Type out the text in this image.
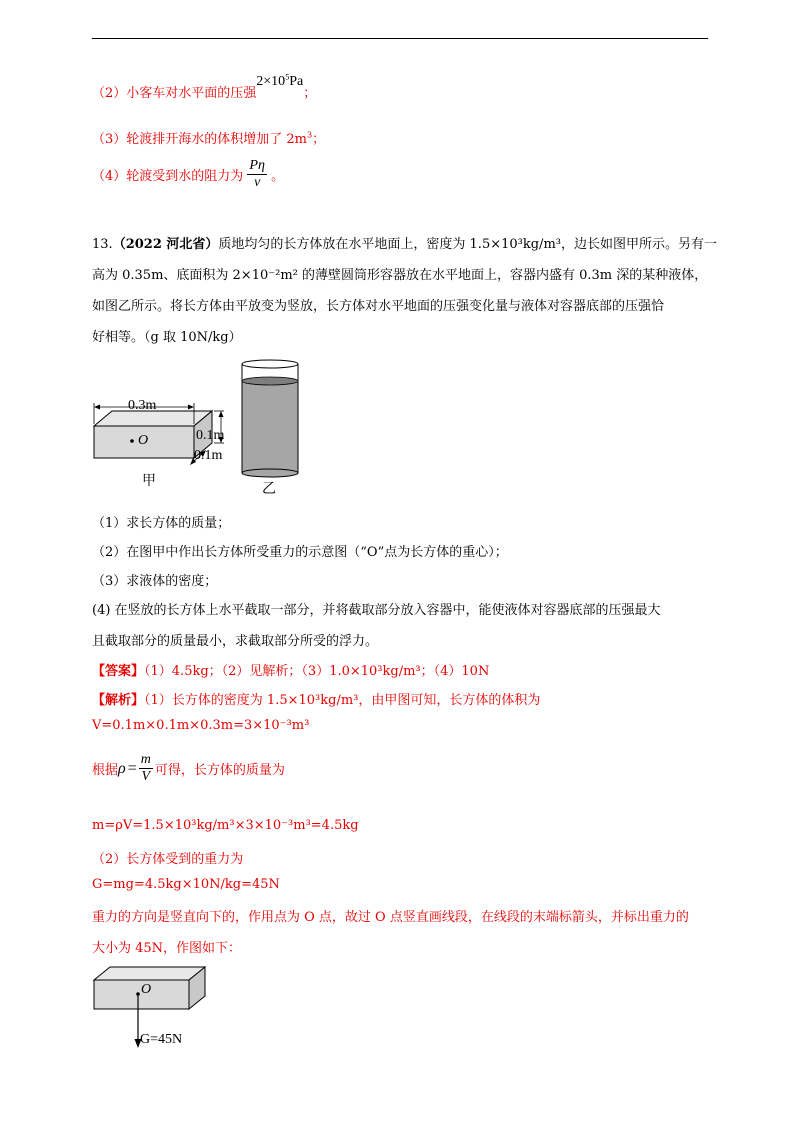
（2）小客车对水平面的压强$2\times 10^5Pa$；
（3）轮渡排开海水的体积增加了 $2m^3$；
（4）轮渡受到水的阻力为 $\frac{P\eta}{v}$ 。
13.（2022 河北省）质地均匀的长方体放在水平地面上，密度为 1.5×10³kg/m³，边长如图甲所示。另有一
高为 0.35m、底面积为 2×10⁻²m² 的薄壁圆筒形容器放在水平地面上，容器内盛有 0.3m 深的某种液体，
如图乙所示。将长方体由平放变为竖放，长方体对水平地面的压强变化量与液体对容器底部的压强恰
好相等。（g 取 10N/kg）
0.3m
0.1m
0.1m
O
甲	乙
（1）求长方体的质量；
（2）在图甲中作出长方体所受重力的示意图（“O”点为长方体的重心）；
（3）求液体的密度；
(4) 在竖放的长方体上水平截取一部分，并将截取部分放入容器中，能使液体对容器底部的压强最大
且截取部分的质量最小，求截取部分所受的浮力。
【答案】（1）4.5kg；（2）见解析；（3）1.0×10³kg/m³；（4）10N
【解析】（1）长方体的密度为 1.5×10³kg/m³，由甲图可知，长方体的体积为
V=0.1m×0.1m×0.3m=3×10⁻³m³
根据$\rho = \frac{m}{V}$ 可得，长方体的质量为
m=ρV=1.5×10³kg/m³×3×10⁻³m³=4.5kg
（2）长方体受到的重力为
G=mg=4.5kg×10N/kg=45N
重力的方向是竖直向下的，作用点为 O 点，故过 O 点竖直画线段，在线段的末端标箭头，并标出重力的
大小为 45N，作图如下：
O
G=45N
